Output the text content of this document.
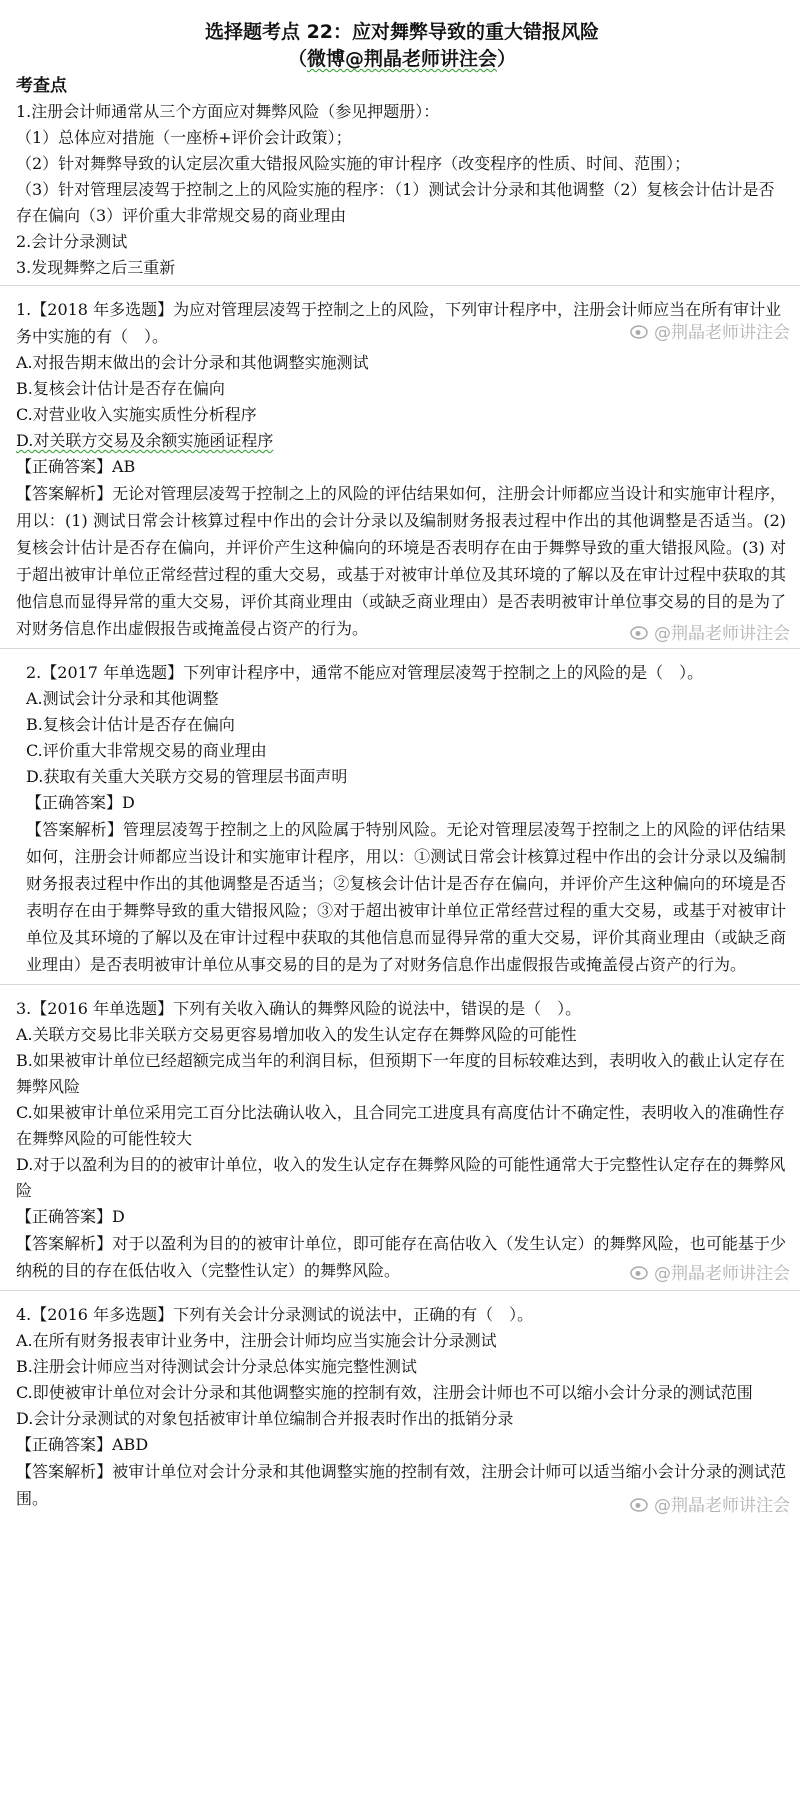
选择题考点 22：应对舞弊导致的重大错报风险
（微博@荆晶老师讲注会）
考查点
1.注册会计师通常从三个方面应对舞弊风险（参见押题册）：
（1）总体应对措施（一座桥+评价会计政策）；
（2）针对舞弊导致的认定层次重大错报风险实施的审计程序（改变程序的性质、时间、范围）；
（3）针对管理层凌驾于控制之上的风险实施的程序：（1）测试会计分录和其他调整（2）复核会计估计是否存在偏向（3）评价重大非常规交易的商业理由
2.会计分录测试
3.发现舞弊之后三重新
@荆晶老师讲注会
1.【2018 年多选题】为应对管理层凌驾于控制之上的风险，下列审计程序中，注册会计师应当在所有审计业务中实施的有（　）。
A.对报告期末做出的会计分录和其他调整实施测试
B.复核会计估计是否存在偏向
C.对营业收入实施实质性分析程序
D.对关联方交易及余额实施函证程序
【正确答案】AB
【答案解析】无论对管理层凌驾于控制之上的风险的评估结果如何，注册会计师都应当设计和实施审计程序，用以：(1) 测试日常会计核算过程中作出的会计分录以及编制财务报表过程中作出的其他调整是否适当。(2) 复核会计估计是否存在偏向，并评价产生这种偏向的环境是否表明存在由于舞弊导致的重大错报风险。(3) 对于超出被审计单位正常经营过程的重大交易，或基于对被审计单位及其环境的了解以及在审计过程中获取的其他信息而显得异常的重大交易，评价其商业理由（或缺乏商业理由）是否表明被审计单位事交易的目的是为了对财务信息作出虚假报告或掩盖侵占资产的行为。	@荆晶老师讲注会
2.【2017 年单选题】下列审计程序中，通常不能应对管理层凌驾于控制之上的风险的是（　）。
A.测试会计分录和其他调整
B.复核会计估计是否存在偏向
C.评价重大非常规交易的商业理由
D.获取有关重大关联方交易的管理层书面声明
【正确答案】D
【答案解析】管理层凌驾于控制之上的风险属于特别风险。无论对管理层凌驾于控制之上的风险的评估结果如何，注册会计师都应当设计和实施审计程序，用以：①测试日常会计核算过程中作出的会计分录以及编制财务报表过程中作出的其他调整是否适当；②复核会计估计是否存在偏向，并评价产生这种偏向的环境是否表明存在由于舞弊导致的重大错报风险；③对于超出被审计单位正常经营过程的重大交易，或基于对被审计单位及其环境的了解以及在审计过程中获取的其他信息而显得异常的重大交易，评价其商业理由（或缺乏商业理由）是否表明被审计单位从事交易的目的是为了对财务信息作出虚假报告或掩盖侵占资产的行为。
3.【2016 年单选题】下列有关收入确认的舞弊风险的说法中，错误的是（　）。
A.关联方交易比非关联方交易更容易增加收入的发生认定存在舞弊风险的可能性
B.如果被审计单位已经超额完成当年的利润目标，但预期下一年度的目标较难达到，表明收入的截止认定存在舞弊风险
C.如果被审计单位采用完工百分比法确认收入，且合同完工进度具有高度估计不确定性，表明收入的准确性存在舞弊风险的可能性较大
D.对于以盈利为目的的被审计单位，收入的发生认定存在舞弊风险的可能性通常大于完整性认定存在的舞弊风险
【正确答案】D
【答案解析】对于以盈利为目的的被审计单位，即可能存在高估收入（发生认定）的舞弊风险，也可能基于少纳税的目的存在低估收入（完整性认定）的舞弊风险。	@荆晶老师讲注会
4.【2016 年多选题】下列有关会计分录测试的说法中，正确的有（　）。
A.在所有财务报表审计业务中，注册会计师均应当实施会计分录测试
B.注册会计师应当对待测试会计分录总体实施完整性测试
C.即使被审计单位对会计分录和其他调整实施的控制有效，注册会计师也不可以缩小会计分录的测试范围
D.会计分录测试的对象包括被审计单位编制合并报表时作出的抵销分录
【正确答案】ABD
【答案解析】被审计单位对会计分录和其他调整实施的控制有效，注册会计师可以适当缩小会计分录的测试范围。	@荆晶老师讲注会
